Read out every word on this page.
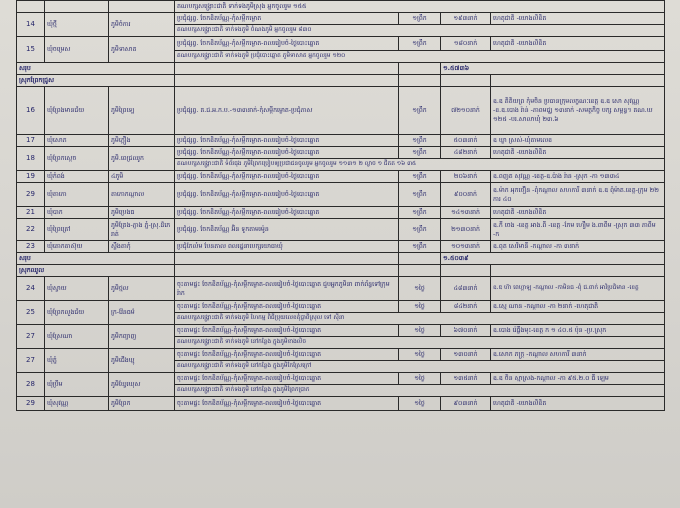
			គណបក្សសង្គ្រោះជាតិ ទាក់ទងភូមិស្រុង អ្នកចូលរួម ១៥៥			
14	ឃុំថ្មី	ភូមិចំការ	ប្រជុំផ្សព្វ. ចែកខិតប័ណ្ណ-កុំសម្តីកម្លោត	១ព្រឹក	១៩៣នាក់	ហេតុជាតិ -យោងលិខិត
			គណបក្សសង្គ្រោះជាតិ ទាក់ទងភូមិ ចំណងភូមិ អ្នកចូលរួម ៨៣០			
15	ឃុំចម្រេស	ភូមិទាសាត	ប្រជុំផ្សព្វ. ចែកខិតប័ណ្ណ-កុំសម្តីកម្លោត-ពលររៀបចំ-ថ្ងៃបោះឆ្នោត	១ព្រឹក	១៨០នាក់	ហេតុជាតិ -យោងលិខិត
			គណបក្សសង្គ្រោះជាតិ ទាក់ទងភូមិ ប្រជុំបោះឆ្នោត ភូមិទាសាត អ្នកចូលរួម ១២០			
សរុប					១.៥៧៣៦	
ស្រុកព្រែកជ្រូស						
16	ឃុំព្រែងមានជ័យ	ភូមិព្រៃទ្បេ	ប្រជុំផ្សព្វ. គ.ជ.អ.ក.ប.-១៣៣នាក់-កុំសម្តីកម្លោត-ប្រជុំភាស	១ព្រឹក	៧២១០នាក់	ឧ.ឌ គិតិយព្រ កុំមចិន ប្រធានក្រុមលក្ខណៈខេត្ត ឧ.ឌ សោ សុវណ្ណ -ខ.ឌ.បោង រ៉ាន់ -ភាពមជ្ឈ ១៣នាក់ -សមត្ថកិច្ច បក្ស សម្ពន្ធ។ គណ.ឃ ១២៥ -បរ.សាលាឃុំ ២៣.៦
17	ឃុំសោភ	ភូមិក្អឿង	ប្រជុំផ្សព្វ. ចែកខិតប័ណ្ណ-កុំសម្តីកម្លោត-ពលររៀបចំ-ថ្ងៃបោះឆ្នោត	១ព្រឹក	៥០៣នាក់	ឧ ឃ្លា ស្រស់-ឃុំតាមលេខ
18	ឃុំព្រែកស្ដេច	ភូមិ.ពេជ្រឈូក	ប្រជុំផ្សព្វ. ចែកខិតប័ណ្ណ-កុំសម្តីកម្លោត-ពលររៀបចំ-ថ្ងៃបោះឆ្នោត	១ព្រឹក	៤៨២នាក់	ហេតុជាតិ -យោងលិខិត
			គណបក្សសង្គ្រោះជាតិ ទំព័រធុង ភូមិព្រែកប្រៀបឲ្យប្រជាជនចូលរួម អ្នកចូលរួម ១១៣១ ២ ល្ងាច ១ ជីតត ១៦ ៣៥			
19	ឃុំកំពង់	៤ភូមិ	ប្រជុំផ្សព្វ. ចែកខិតប័ណ្ណ-កុំសម្តីកម្លោត-ពលររៀបចំ-ថ្ងៃបោះឆ្នោត	១ព្រឹក	២០៦នាក់	ឧ.ពញត សុវណ្ណ -ខេត្ត-ឧ.ប៉ាង រ៉ាន -ស្រុក -កា ១៣៣៤
29	ឃុំតាកោ	តាកោកណ្ដាល	ប្រជុំផ្សព្វ. ចែកខិតប័ណ្ណ-កុំសម្តីកម្លោត-ពលររៀបចំ-ថ្ងៃបោះឆ្នោត	១ព្រឹក	៩០០នាក់	ឧ.ម៉ាក អុកថឿន -ពុំកណ្ដាល សហការី ៣នាក់ ឧ.ឌ ពុំម៉ាត.ខេត្ត-ក្រុម ២២ ការ ៤០
21	ឃុំបាក	ភូមិប្រេងធ	ប្រជុំផ្សព្វ. ចែកខិតប័ណ្ណ-កុំសម្តីកម្លោត-ពលររៀបចំ-ថ្ងៃបោះឆ្នោត	១ព្រឹក	១៤១៣នាក់	ហេតុជាតិ -យោងលិខិត
22	ឃុំព្រៃគ្រៅ	ភូមិត្រែង-ភ្ញាង ភ្នំ-ស្រុ.ដ៏ភេរាត់	ប្រជុំផ្សព្វ. ចែកខិតប័ណ្ណ អ៊ិន ទូកតាមរម៉ូន	១ព្រឹក	២១៣០នាក់	ឧ.កី ចេង -ខេត្ត អាង.ពី -ខេត្ត -កែម ហឿម ង.ពាពីម -ស្រុក ៣៣ ភាពីម -ក
23	ឃុំគោកតាស៊ុយ	ស្ទឹងតាកុំ	ប្រជុំកែលំម បែនតាល ពលរដ្ឋនាបេក្សយោធាឃុំ	១ព្រឹក	១០១៣នាក់	ឧ.ពុត សេរិមានី -កណ្ដាល -កា ៣នាក់
សរុប					១.៥០៣៩	
ស្រុកឈូល						
24	ឃុំស្វាយ	ភូមិថ្មល	ចុះតាមផ្ទះ ចែកខិតប័ណ្ណ-កុំសម្តីកម្លោត-ពលររៀបចំ-ថ្ងៃបោះឆ្នោត ជួបអ្នកភូមិនា ពាក់ព័ន្ធទៅក្រុមរ៉ាក	១ថ្ងៃ	៤៨៣នាក់	ឧ.ឌ ហ៊ា ពេហ្គាឡ -កណ្តាល -កាមិនធ -ពុំ ជ.ពាក់ អារិប្រធិមាន -ខេត្ត
25	ឃុំព្រែកលួងជ័យ	ក្រ-វ៉ែនធម៌	ចុះតាមផ្ទះ ចែកខិតប័ណ្ណ-កុំសម្តីកម្លោត-ពលររៀបចំ-ថ្ងៃបោះឆ្នោត	១ថ្ងៃ	៨៤២នាក់	ឧ.ស្មេ ណាន -កណ្ដាល -កា ២នាក់ -ហេតុជាតិ
			គណបក្សសង្គ្រោះជាតិ ទាក់ទងភូមិ ហែកម្ម ពិធីប្រុយលេខតុំប្ញាពីស្រុល ទៅ ស៊ីនា			
27	ឃុំស្រែណា	ភូមិកញ្ចាញ	ចុះតាមផ្ទះ ចែកខិតប័ណ្ណ-កុំសម្តីកម្លោត-ពលររៀបចំ-ថ្ងៃបោះឆ្នោត	១ថ្ងៃ	៦៧០នាក់	ឧ.បោង រ៉េធ្លឹងមុះ-ខេត្ត ក ១ ៤០.៥ ប៉ុន -ប្រ.ស្រុក
			គណបក្សសង្គ្រោះជាតិ ទាក់ទងភូមិ នៅកន្លែង ក្នុងភូមិខាងលិច			
27	ឃុំភ្នំ	ភូមិជើងឃ្មុ	ចុះតាមផ្ទះ ចែកខិតប័ណ្ណ-កុំសម្តីកម្លោត-ពលររៀបចំ-ថ្ងៃបោះឆ្នោត	១ថ្ងៃ	១៣០នាក់	ឧ.សោក ភក្រ្ត -កណ្ដាល សហការី ៣នាក់
			គណបក្សសង្គ្រោះជាតិ ទាក់ទងភូមិ នៅកន្លែង ក្នុងភូមិកែស្រែក្រៅ			
28	ឃុំប្រីម	ភូមិឃ្វែរឃុស	ចុះតាមផ្ទះ ចែកខិតប័ណ្ណ-កុំសម្តីកម្លោត-ពលររៀបចំ-ថ្ងៃបោះឆ្នោត	១ថ្ងៃ	១៣៥នាក់	ឧ.ឌ ចិន ស្មាស្រង-កណ្ដាល -កា ៩៥.២.០ ធី ឡេម
			គណបក្សសង្គ្រោះជាតិ ទាក់ទងភូមិ នៅកន្លែង ក្នុងភូមិព្រែកប្រាក			
29	ឃុំសុវណ្ណ	ភូមិព្រែក	ចុះតាមផ្ទះ ចែកខិតប័ណ្ណ-កុំសម្តីកម្លោត-ពលររៀបចំ-ថ្ងៃបោះឆ្នោត	១ថ្ងៃ	៩០៣នាក់	ហេតុជាតិ -យោងលិខិត
